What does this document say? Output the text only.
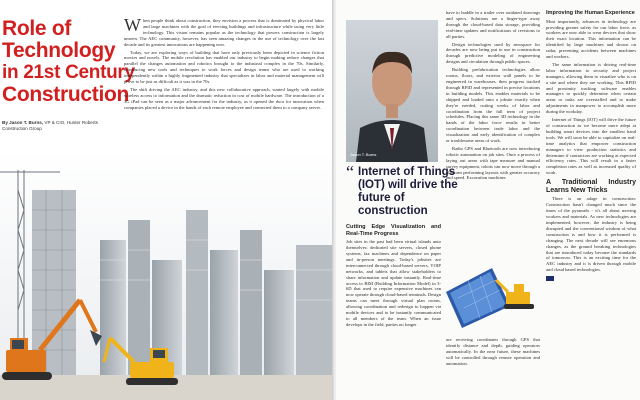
Role of
Technology
in 21st Century
Construction
By Jason T. Burns, VP & CIO, Hunter Roberts Construction Group

When people think about construction, they envision a process that is dominated by physical labor and large machines with the goal of erecting buildings and infrastructure while using very little technology. This vision remains popular as the technology that powers construction is largely unseen. The AEC community, however, has seen amazing changes in the use of technology over the last decade and its greatest innovations are happening now.

Today, we are exploring ways of building that have only previously been depicted in science fiction movies and novels. The mobile revolution has enabled our industry to begin making reduce changes that parallel the changes automation and robotics brought to the industrial complex in the 70s. Similarly, introducing new tools and techniques to work forces and design teams who are used to working independently within a highly fragmented industry that specializes in labor and material management will prove to be just as difficult as it was in the 70s.

The shift driving the AEC industry, and this new collaborative approach, started largely with mobile wireless access to information and the dramatic reduction in cost of mobile hardware. The introduction of a 3G iPad can be seen as a major advancement for the industry, as it opened the door for innovation when companies placed a device in the hands of each remote employee and connected them to a company server.

Jason T. Burns
“ Internet of Things (IOT) will drive the future of construction
Cutting Edge Visualization and Real-Time Progress

Job sites in the past had been virtual islands unto themselves: dedicated site servers, closed phone systems, fax machines and dependence on paper and in-person meetings. Today's jobsites are interconnected through cloud-based servers, VOIP networks, and tablets that allow stakeholders to share information and update instantly. Real-time access to BIM (Building Information Model) in 3-6D that used to require expensive machines can now operate through cloud-based terminals. Design teams can meet through virtual plan rooms, allowing coordination and redesign to happen via mobile devices and to be instantly communicated to all members of the team. When an issue develops in the field, parties no longer

have to huddle in a trailer over outdated drawings and specs. Solutions are a finger-type away through the cloud-based data storage, providing real-time updates and notifications of revisions to all parties.

Design technologies used by aerospace for decades are now being put to use in construction through predictive modeling of engineering designs and circulation through public spaces.

Building prefabrication technologies allow rooms, floors, and exterior wall panels to be engineered in warehouses, then progress tracked through RFID and represented in precise locations in building models. This enables materials to be shipped and loaded onto a jobsite exactly when they're needed, cutting weeks of labor and coordination from the full term of project schedules. Placing this same 3D technology in the hands of the labor force results in better coordination between trade labor and the visualization and early identification of complex or troublesome areas of work.

Radio GPS and Bluetooth are now introducing robotic automation on job sites. Once a process of laying out areas with tape measure and manual survey equipment, robots can now move through a platform performing layouts with greater accuracy and speed. Excavation machines

are receiving coordinates through GPS that identify distance and depth, guiding operators automatically. In the near future, these machines will be controlled through remote operation and automation.

Improving the Human Experience

Most importantly, advances in technology are providing greater safety for our labor force, as workers are now able to wear devices that show their exact location. This information can be identified by large machines and shown on radar, preventing accidents between machines and workers.

The same information is driving real-time labor information to security and project managers, allowing them to visualize who is on a site and where they are working. This RFID and proximity tracking software enables managers to quickly determine when certain areas or tasks are overstaffed and to make adjustments in manpower to accomplish more during the workday.

Internet of Things (IOT) will drive the future of construction as we become more adept at building smart devices into the smallest hand tools. We will soon be able to capitalize on real-time analytics that empower construction managers to view production statistics and determine if contractors are working at expected efficiency rates. This will result in a faster completion rates as well as increased quality of work.

A Traditional Industry Learns New Tricks

There is an adage in construction: Construction hasn't changed much since the times of the pyramids - it's all about moving workers and materials. As new technologies are implemented, however, the industry is being disrupted and the conventional wisdom of what construction is and how it is performed is changing. The next decade will see enormous changes, as the ground breaking technologies that are introduced today become the standards of tomorrow. This is an exciting time for the AEC industry and it is driven through mobile and cloud based technologies.
